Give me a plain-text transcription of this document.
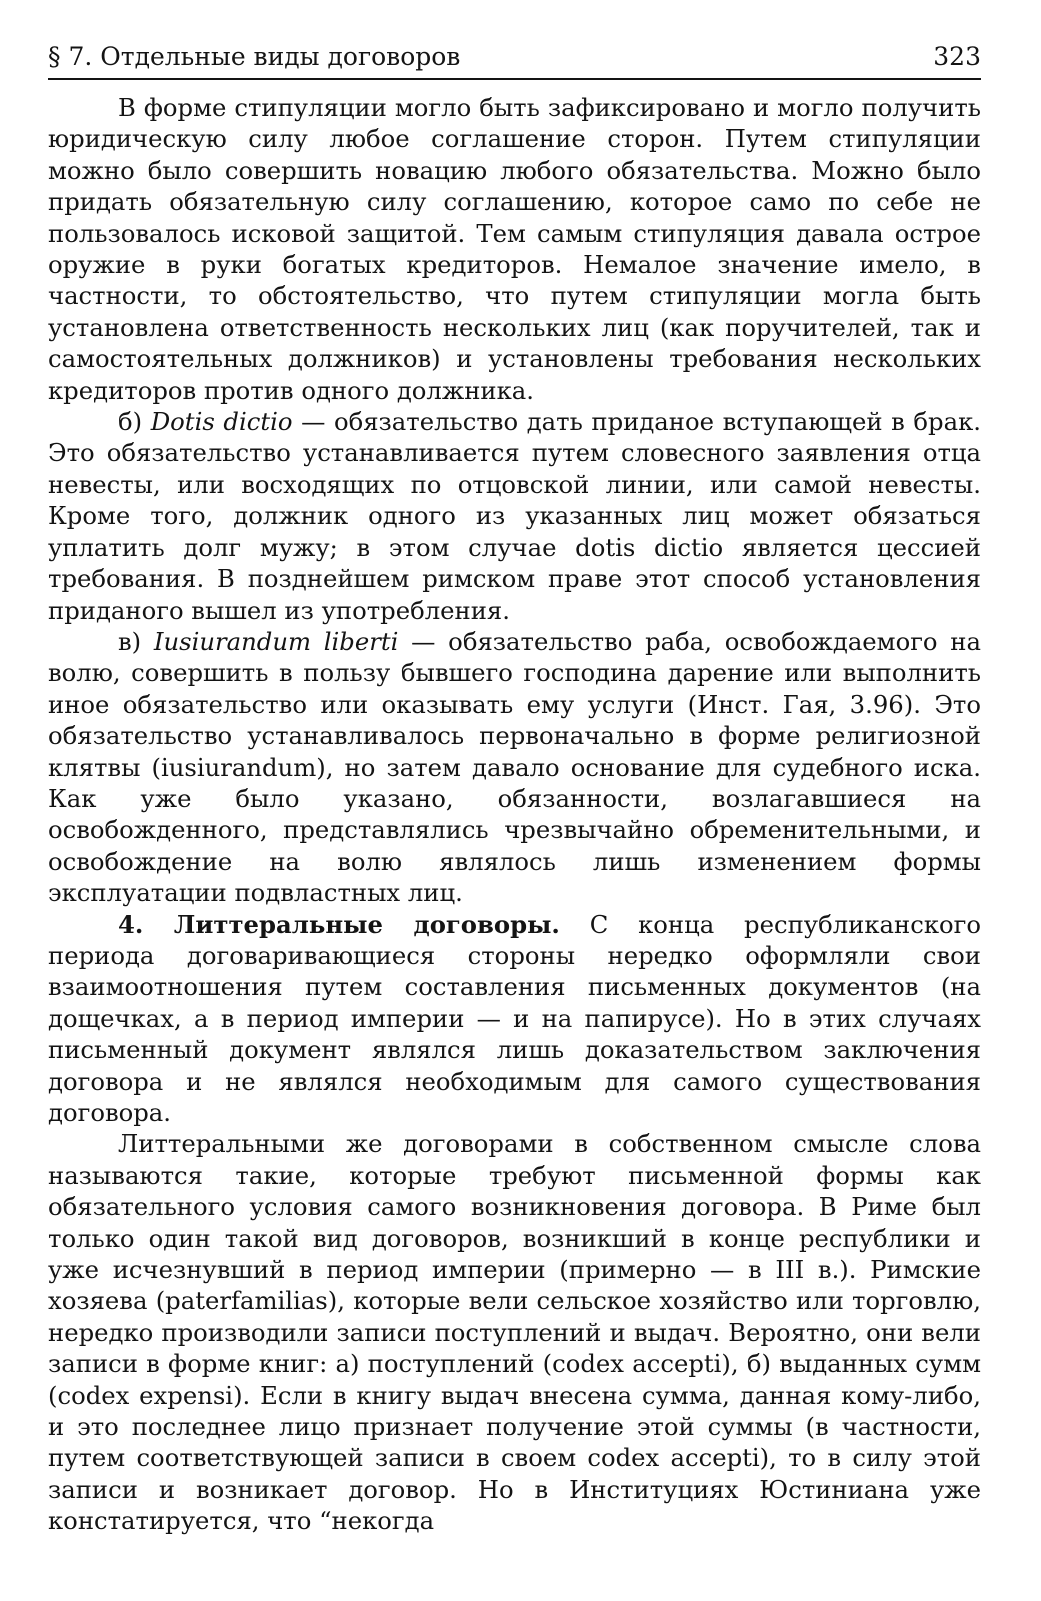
§ 7. Отдельные виды договоров	323

В форме стипуляции могло быть зафиксировано и могло получить юридическую силу любое соглашение сторон. Путем стипуляции можно было совершить новацию любого обязательства. Можно было придать обязательную силу соглашению, которое само по себе не пользовалось исковой защитой. Тем самым стипуляция давала острое оружие в руки богатых кредиторов. Немалое значение имело, в частности, то обстоятельство, что путем стипуляции могла быть установлена ответственность нескольких лиц (как поручителей, так и самостоятельных должников) и установлены требования нескольких кредиторов против одного должника.

б) Dotis dictio — обязательство дать приданое вступающей в брак. Это обязательство устанавливается путем словесного заявления отца невесты, или восходящих по отцовской линии, или самой невесты. Кроме того, должник одного из указанных лиц может обязаться уплатить долг мужу; в этом случае dotis dictio является цессией требования. В позднейшем римском праве этот способ установления приданого вышел из употребления.

в) Iusiurandum liberti — обязательство раба, освобождаемого на волю, совершить в пользу бывшего господина дарение или выполнить иное обязательство или оказывать ему услуги (Инст. Гая, 3.96). Это обязательство устанавливалось первоначально в форме религиозной клятвы (iusiurandum), но затем давало основание для судебного иска. Как уже было указано, обязанности, возлагавшиеся на освобожденного, представлялись чрезвычайно обременительными, и освобождение на волю являлось лишь изменением формы эксплуатации подвластных лиц.

4. Литтеральные договоры. С конца республиканского периода договаривающиеся стороны нередко оформляли свои взаимоотношения путем составления письменных документов (на дощечках, а в период империи — и на папирусе). Но в этих случаях письменный документ являлся лишь доказательством заключения договора и не являлся необходимым для самого существования договора.

Литтеральными же договорами в собственном смысле слова называются такие, которые требуют письменной формы как обязательного условия самого возникновения договора. В Риме был только один такой вид договоров, возникший в конце республики и уже исчезнувший в период империи (примерно — в III в.). Римские хозяева (paterfamilias), которые вели сельское хозяйство или торговлю, нередко производили записи поступлений и выдач. Вероятно, они вели записи в форме книг: а) поступлений (codex accepti), б) выданных сумм (codex expensi). Если в книгу выдач внесена сумма, данная кому-либо, и это последнее лицо признает получение этой суммы (в частности, путем соответствующей записи в своем codex accepti), то в силу этой записи и возникает договор. Но в Институциях Юстиниана уже констатируется, что “некогда
